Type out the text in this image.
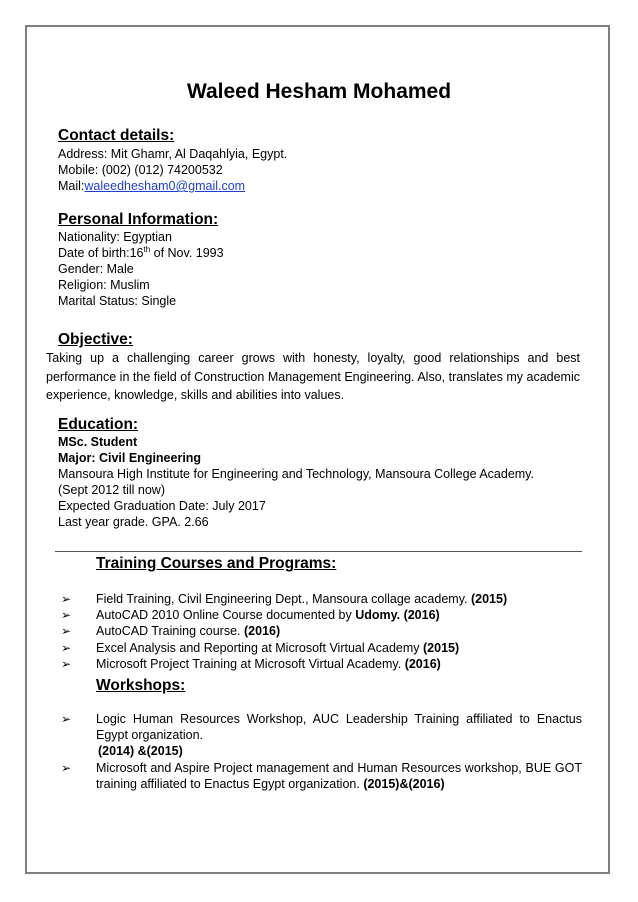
Waleed Hesham Mohamed
Contact details:
Address: Mit Ghamr, Al Daqahlyia, Egypt.
Mobile: (002) (012) 74200532
Mail:waleedhesham0@gmail.com
Personal Information:
Nationality: Egyptian
Date of birth:16th of Nov. 1993
Gender: Male
Religion: Muslim
Marital Status: Single
Objective:
Taking up a challenging career grows with honesty, loyalty, good relationships and best performance in the field of Construction Management Engineering. Also, translates my academic experience, knowledge, skills and abilities into values.
Education:
MSc. Student
Major: Civil Engineering
Mansoura High Institute for Engineering and Technology, Mansoura College Academy.
(Sept 2012 till now)
Expected Graduation Date: July 2017
Last year grade. GPA. 2.66
Training Courses and Programs:
➢ Field Training, Civil Engineering Dept., Mansoura collage academy. (2015)
➢ AutoCAD 2010 Online Course documented by Udomy. (2016)
➢ AutoCAD Training course. (2016)
➢ Excel Analysis and Reporting at Microsoft Virtual Academy (2015)
➢ Microsoft Project Training at Microsoft Virtual Academy. (2016)
Workshops:
➢ Logic Human Resources Workshop, AUC Leadership Training affiliated to Enactus Egypt organization.
(2014) &(2015)
➢ Microsoft and Aspire Project management and Human Resources workshop, BUE GOT training affiliated to Enactus Egypt organization. (2015)&(2016)
